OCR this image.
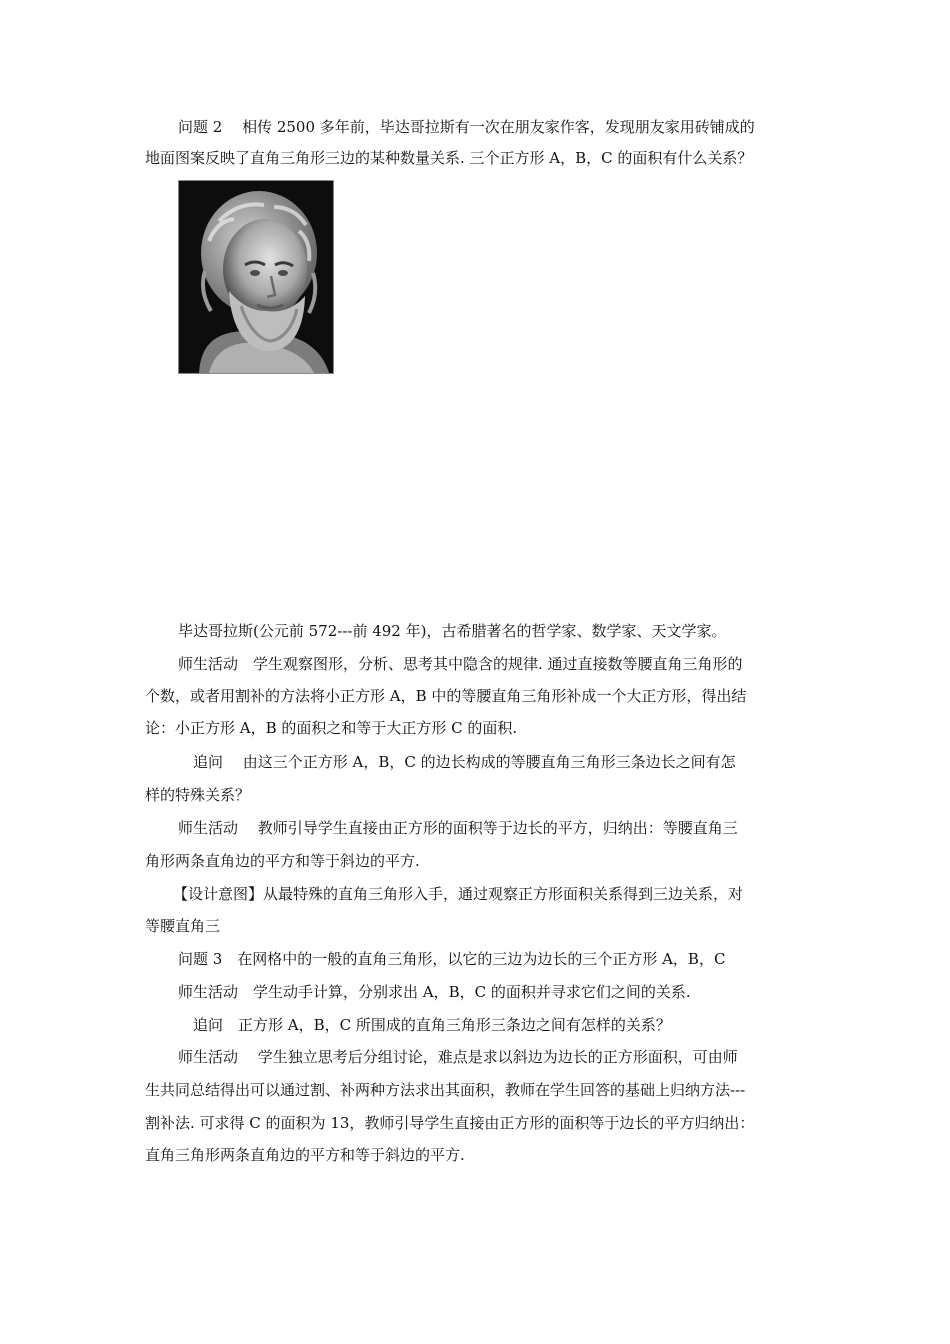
问题 2　 相传 2500 多年前，毕达哥拉斯有一次在朋友家作客，发现朋友家用砖铺成的
地面图案反映了直角三角形三边的某种数量关系. 三个正方形 A，B，C 的面积有什么关系？
毕达哥拉斯(公元前 572---前 492 年)，古希腊著名的哲学家、数学家、天文学家。
师生活动　学生观察图形，分析、思考其中隐含的规律. 通过直接数等腰直角三角形的
个数，或者用割补的方法将小正方形 A，B 中的等腰直角三角形补成一个大正方形，得出结
论：小正方形 A，B 的面积之和等于大正方形 C 的面积.
追问　 由这三个正方形 A，B，C 的边长构成的等腰直角三角形三条边长之间有怎
样的特殊关系？
师生活动　 教师引导学生直接由正方形的面积等于边长的平方，归纳出：等腰直角三
角形两条直角边的平方和等于斜边的平方.
【设计意图】从最特殊的直角三角形入手，通过观察正方形面积关系得到三边关系，对
等腰直角三
问题 3　在网格中的一般的直角三角形，以它的三边为边长的三个正方形 A，B，C
师生活动　学生动手计算，分别求出 A，B，C 的面积并寻求它们之间的关系.
追问　正方形 A，B，C 所围成的直角三角形三条边之间有怎样的关系？
师生活动　 学生独立思考后分组讨论，难点是求以斜边为边长的正方形面积，可由师
生共同总结得出可以通过割、补两种方法求出其面积，教师在学生回答的基础上归纳方法---
割补法. 可求得 C 的面积为 13，教师引导学生直接由正方形的面积等于边长的平方归纳出：
直角三角形两条直角边的平方和等于斜边的平方.
